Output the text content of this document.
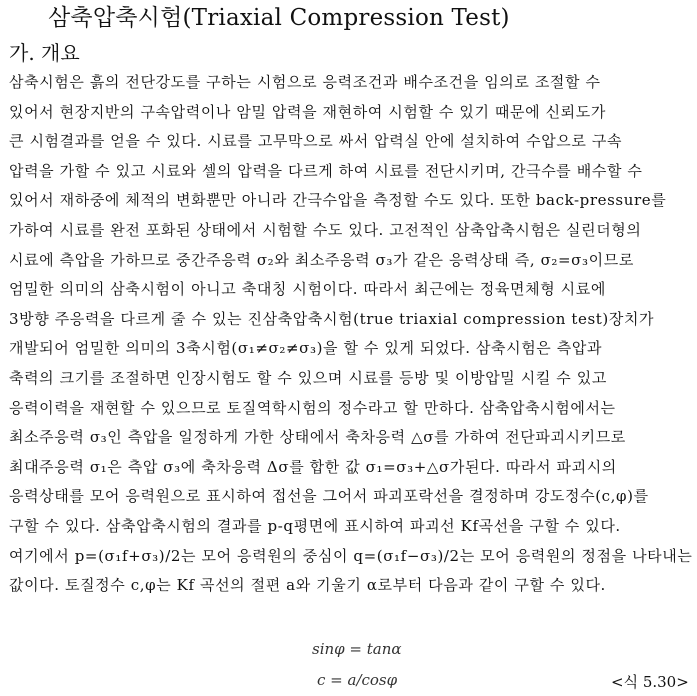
삼축압축시험(Triaxial Compression Test)
가. 개요
삼축시험은 흙의 전단강도를 구하는 시험으로 응력조건과 배수조건을 임의로 조절할 수
있어서 현장지반의 구속압력이나 암밀 압력을 재현하여 시험할 수 있기 때문에 신뢰도가
큰 시험결과를 얻을 수 있다. 시료를 고무막으로 싸서 압력실 안에 설치하여 수압으로 구속
압력을 가할 수 있고 시료와 셀의 압력을 다르게 하여 시료를 전단시키며, 간극수를 배수할 수
있어서 재하중에 체적의 변화뿐만 아니라 간극수압을 측정할 수도 있다. 또한 back-pressure를
가하여 시료를 완전 포화된 상태에서 시험할 수도 있다. 고전적인 삼축압축시험은 실린더형의
시료에 측압을 가하므로 중간주응력 σ₂와 최소주응력 σ₃가 같은 응력상태 즉, σ₂=σ₃이므로
엄밀한 의미의 삼축시험이 아니고 축대칭 시험이다. 따라서 최근에는 정육면체형 시료에
3방향 주응력을 다르게 줄 수 있는 진삼축압축시험(true triaxial compression test)장치가
개발되어 엄밀한 의미의 3축시험(σ₁≠σ₂≠σ₃)을 할 수 있게 되었다. 삼축시험은 측압과
축력의 크기를 조절하면 인장시험도 할 수 있으며 시료를 등방 및 이방압밀 시킬 수 있고
응력이력을 재현할 수 있으므로 토질역학시험의 정수라고 할 만하다. 삼축압축시험에서는
최소주응력 σ₃인 측압을 일정하게 가한 상태에서 축차응력 △σ를 가하여 전단파괴시키므로
최대주응력 σ₁은 측압 σ₃에 축차응력 Δσ를 합한 값 σ₁=σ₃+△σ가된다. 따라서 파괴시의
응력상태를 모어 응력원으로 표시하여 접선을 그어서 파괴포락선을 결정하며 강도정수(c,φ)를
구할 수 있다. 삼축압축시험의 결과를 p-q평면에 표시하여 파괴선 Kf곡선을 구할 수 있다.
여기에서 p=(σ₁f+σ₃)/2는 모어 응력원의 중심이 q=(σ₁f−σ₃)/2는 모어 응력원의 정점을 나타내는
값이다. 토질정수 c,φ는 Kf 곡선의 절편 a와 기울기 α로부터 다음과 같이 구할 수 있다.
sinφ = tanα
c = a/cosφ	<식 5.30>
